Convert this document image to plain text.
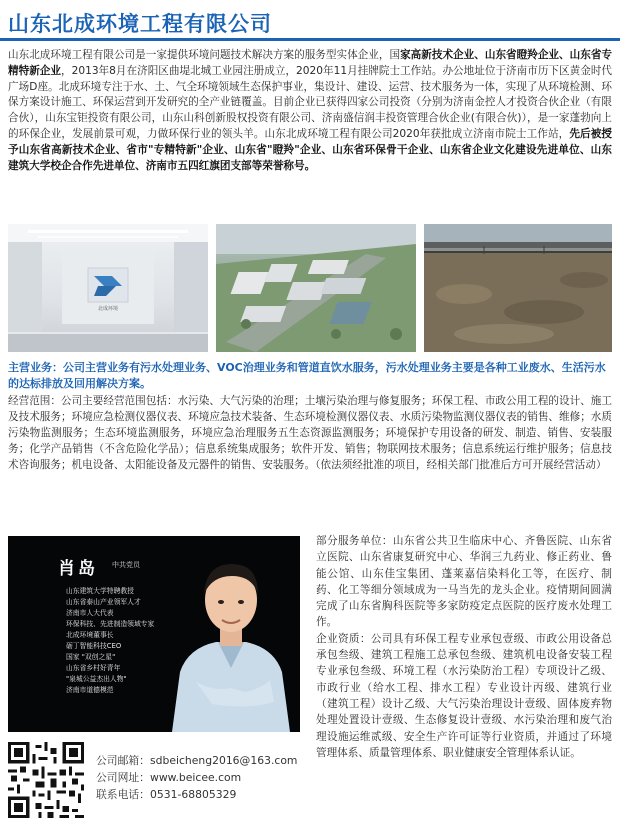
山东北成环境工程有限公司
山东北成环境工程有限公司是一家提供环境问题技术解决方案的服务型实体企业，国家高新技术企业、山东省瞪羚企业、山东省专精特新企业，2013年8月在济阳区曲堤北城工业园注册成立，2020年11月挂牌院士工作站。办公地址位于济南市历下区黄金时代广场D座。北成环境专注于水、土、气全环境领域生态保护事业，集设计、建设、运营、技术服务为一体，实现了从环境检测、环保方案设计施工、环保运营到开发研究的全产业链覆盖。目前企业已获得四家公司投资（分别为济南金控人才投资合伙企业（有限合伙），山东宝钜投资有限公司，山东山科创新股权投资有限公司、济南盛信润丰投资管理合伙企业(有限合伙)），是一家蓬勃向上的环保企业，发展前景可观，力做环保行业的领头羊。山东北成环境工程有限公司2020年获批成立济南市院士工作站，先后被授予山东省高新技术企业、省市"专精特新"企业、山东省"瞪羚"企业、山东省环保骨干企业、山东省企业文化建设先进单位、山东建筑大学校企合作先进单位、济南市五四红旗团支部等荣誉称号。
北成环境
主营业务：公司主营业务有污水处理业务、VOC治理业务和管道直饮水服务，污水处理业务主要是各种工业废水、生活污水的达标排放及回用解决方案。
经营范围：公司主要经营范围包括：水污染、大气污染的治理；土壤污染治理与修复服务；环保工程、市政公用工程的设计、施工及技术服务；环境应急检测仪器仪表、环境应急技术装备、生态环境检测仪器仪表、水质污染物监测仪器仪表的销售、维修；水质污染物监测服务；生态环境监测服务，环境应急治理服务五生态资源监测服务；环境保护专用设备的研发、制造、销售、安装服务；化学产品销售（不含危险化学品）；信息系统集成服务；软件开发、销售；物联网技术服务；信息系统运行维护服务；信息技术咨询服务；机电设备、太阳能设备及元器件的销售、安装服务。（依法须经批准的项目，经相关部门批准后方可开展经营活动）
肖岛 中共党员
山东建筑大学特聘教授
山东省泰山产业领军人才
济南市人大代表
环保科技、先进制造领域专家
北成环境董事长
砺丁智能科技CEO
国家 "双创之星"
山东省乡村好青年
"泉城公益杰出人物"
济南市道德模范

部分服务单位：山东省公共卫生临床中心、齐鲁医院、山东省立医院、山东省康复研究中心、华润三九药业、修正药业、鲁能公馆、山东佳宝集团、蓬莱嘉信染料化工等，在医疗、制药、化工等细分领域成为一马当先的龙头企业。疫情期间圆满完成了山东省胸科医院等多家防疫定点医院的医疗废水处理工作。

企业资质：公司具有环保工程专业承包壹级、市政公用设备总承包叁级、建筑工程施工总承包叁级、建筑机电设备安装工程专业承包叁级、环境工程（水污染防治工程）专项设计乙级、市政行业（给水工程、排水工程）专业设计丙级、建筑行业（建筑工程）设计乙级、大气污染治理设计壹级、固体废弃物处理处置设计壹级、生态修复设计壹级、水污染治理和废气治理设施运维贰级、安全生产许可证等行业资质，并通过了环境管理体系、质量管理体系、职业健康安全管理体系认证。

公司邮箱：sdbeicheng2016@163.com
公司网址：www.beicee.com
联系电话：0531-68805329
